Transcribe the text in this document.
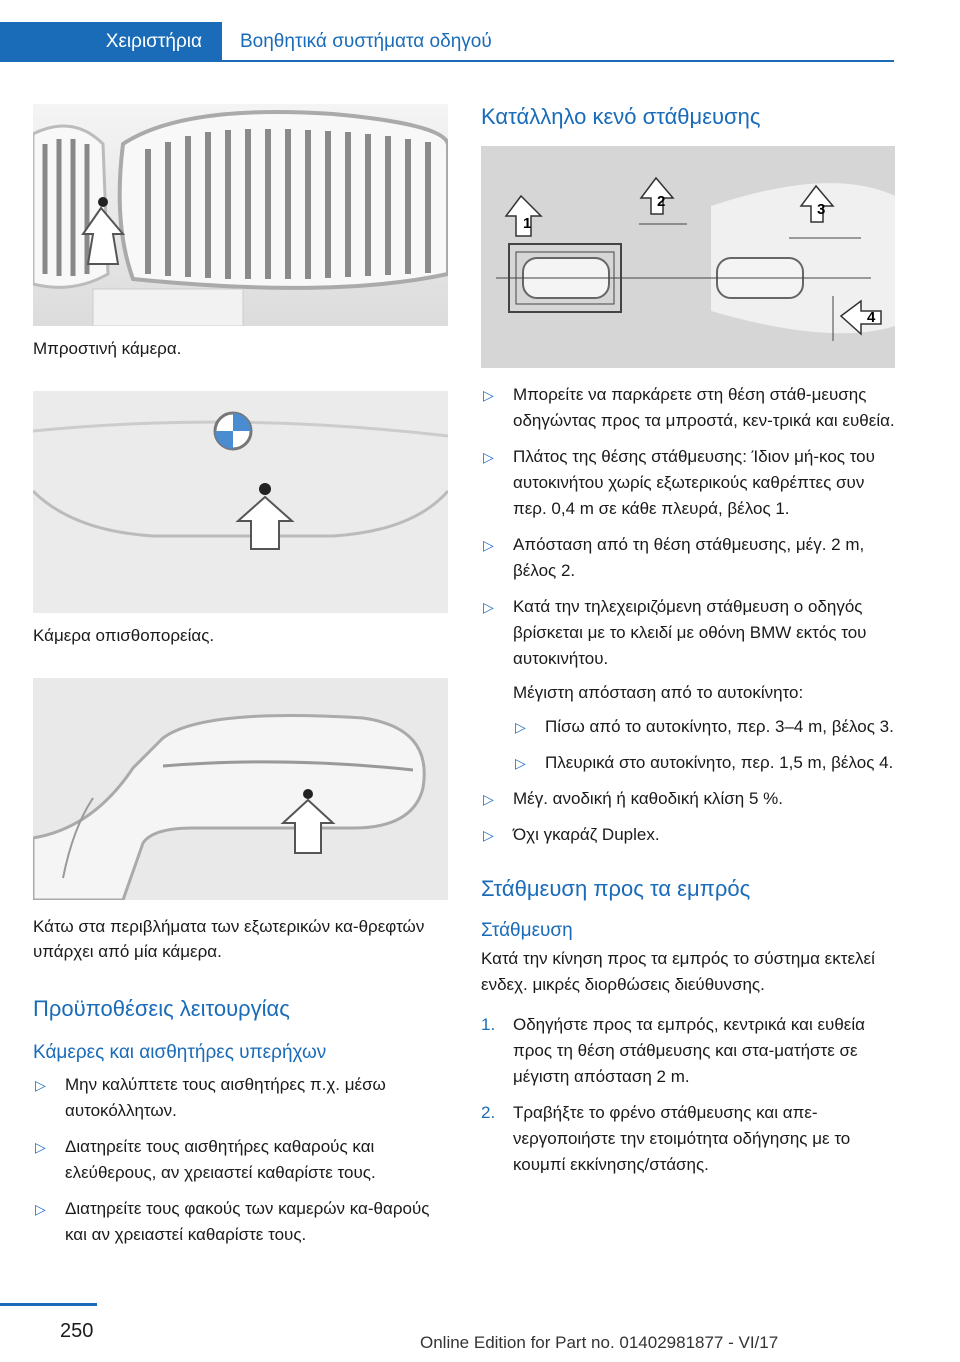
Χειριστήρια	Βοηθητικά συστήματα οδηγού
Μπροστινή κάμερα.
Κάμερα οπισθοπορείας.
Κάτω στα περιβλήματα των εξωτερικών κα‐θρεφτών υπάρχει από μία κάμερα.
Προϋποθέσεις λειτουργίας
Κάμερες και αισθητήρες υπερήχων
▷ Μην καλύπτετε τους αισθητήρες π.χ. μέσω αυτοκόλλητων.
▷ Διατηρείτε τους αισθητήρες καθαρούς και ελεύθερους, αν χρειαστεί καθαρίστε τους.
▷ Διατηρείτε τους φακούς των καμερών κα‐θαρούς και αν χρειαστεί καθαρίστε τους.
Κατάλληλο κενό στάθμευσης
1
2	3
4
▷ Μπορείτε να παρκάρετε στη θέση στάθ‐μευσης οδηγώντας προς τα μπροστά, κεν‐τρικά και ευθεία.
▷ Πλάτος της θέσης στάθμευσης: Ίδιον μή‐κος του αυτοκινήτου χωρίς εξωτερικούς καθρέπτες συν περ. 0,4 m σε κάθε πλευρά, βέλος 1.
▷ Απόσταση από τη θέση στάθμευσης, μέγ. 2 m, βέλος 2.
▷ Κατά την τηλεχειριζόμενη στάθμευση ο οδηγός βρίσκεται με το κλειδί με οθόνη BMW εκτός του αυτοκινήτου.
Μέγιστη απόσταση από το αυτοκίνητο:
▷ Πίσω από το αυτοκίνητο, περ. 3–4 m, βέλος 3.
▷ Πλευρικά στο αυτοκίνητο, περ. 1,5 m, βέλος 4.
▷ Μέγ. ανοδική ή καθοδική κλίση 5 %.
▷ Όχι γκαράζ Duplex.
Στάθμευση προς τα εμπρός
Στάθμευση

Κατά την κίνηση προς τα εμπρός το σύστημα εκτελεί ενδεχ. μικρές διορθώσεις διεύθυνσης.

1. Οδηγήστε προς τα εμπρός, κεντρικά και ευθεία προς τη θέση στάθμευσης και στα‐ματήστε σε μέγιστη απόσταση 2 m.
2. Τραβήξτε το φρένο στάθμευσης και απε‐νεργοποιήστε την ετοιμότητα οδήγησης με το κουμπί εκκίνησης/στάσης.
250
Online Edition for Part no. 01402981877 - VI/17
